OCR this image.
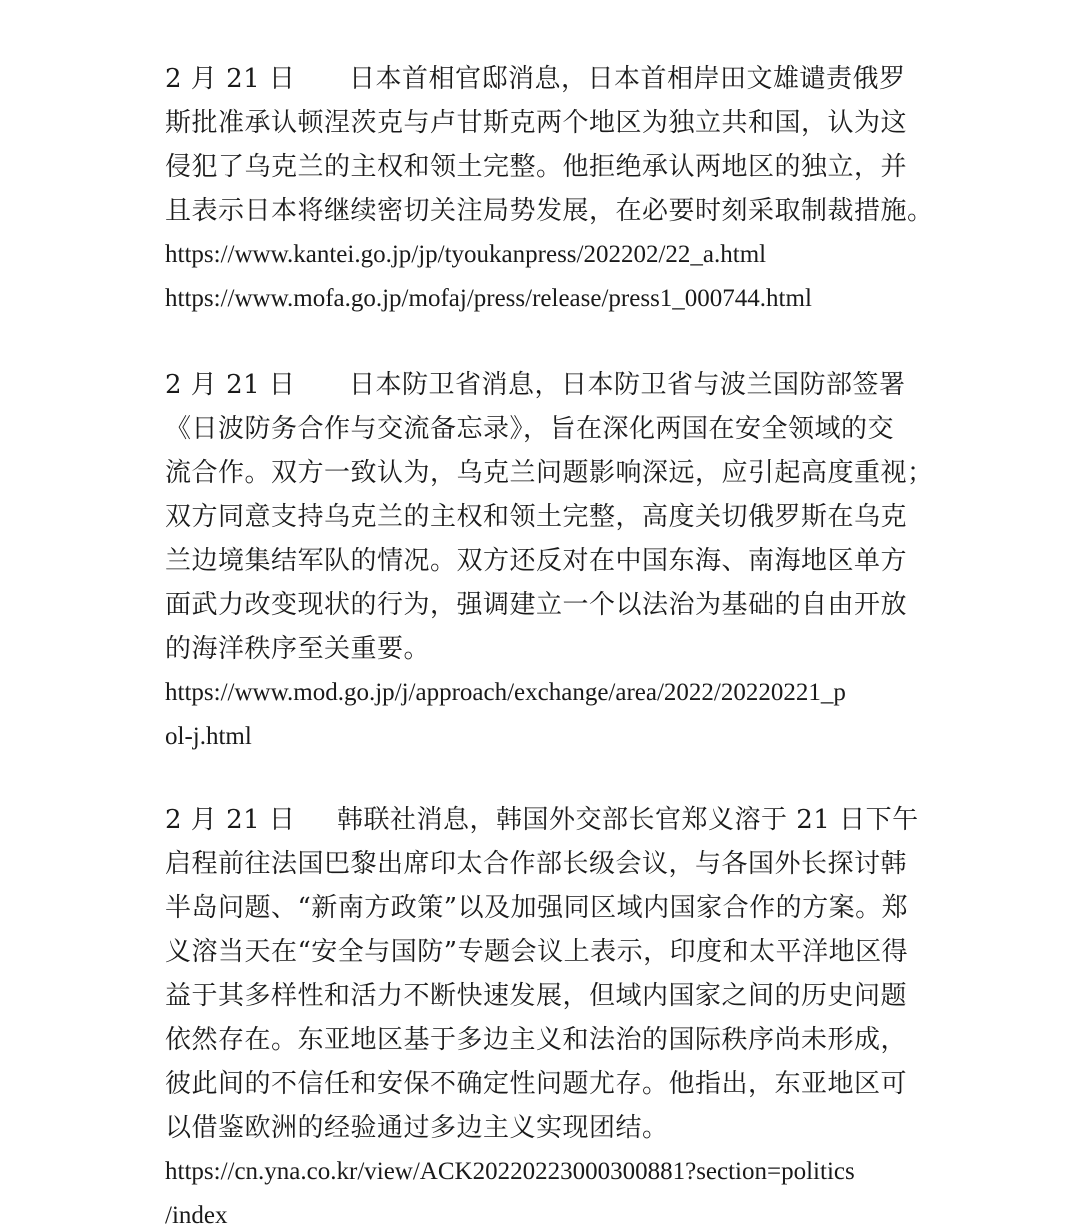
2 月 21 日 日本首相官邸消息，日本首相岸田文雄谴责俄罗
斯批准承认顿涅茨克与卢甘斯克两个地区为独立共和国，认为这
侵犯了乌克兰的主权和领土完整。他拒绝承认两地区的独立，并
且表示日本将继续密切关注局势发展，在必要时刻采取制裁措施。
https://www.kantei.go.jp/jp/tyoukanpress/202202/22_a.html
https://www.mofa.go.jp/mofaj/press/release/press1_000744.html
2 月 21 日 日本防卫省消息，日本防卫省与波兰国防部签署
《日波防务合作与交流备忘录》，旨在深化两国在安全领域的交
流合作。双方一致认为，乌克兰问题影响深远，应引起高度重视；
双方同意支持乌克兰的主权和领土完整，高度关切俄罗斯在乌克
兰边境集结军队的情况。双方还反对在中国东海、南海地区单方
面武力改变现状的行为，强调建立一个以法治为基础的自由开放
的海洋秩序至关重要。
https://www.mod.go.jp/j/approach/exchange/area/2022/20220221_p
ol-j.html
2 月 21 日 韩联社消息，韩国外交部长官郑义溶于 21 日下午
启程前往法国巴黎出席印太合作部长级会议，与各国外长探讨韩
半岛问题、“新南方政策”以及加强同区域内国家合作的方案。郑
义溶当天在“安全与国防”专题会议上表示，印度和太平洋地区得
益于其多样性和活力不断快速发展，但域内国家之间的历史问题
依然存在。东亚地区基于多边主义和法治的国际秩序尚未形成，
彼此间的不信任和安保不确定性问题尤存。他指出，东亚地区可
以借鉴欧洲的经验通过多边主义实现团结。
https://cn.yna.co.kr/view/ACK20220223000300881?section=politics
/index
